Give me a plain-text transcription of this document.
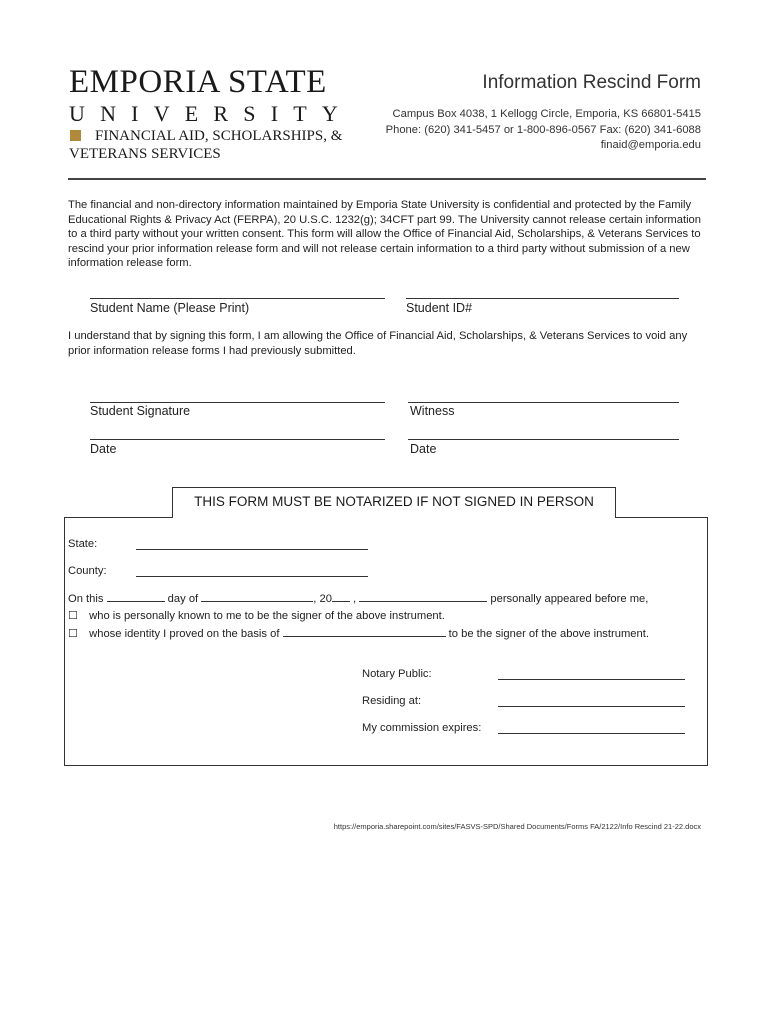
EMPORIA STATE
UNIVERSITY
FINANCIAL AID, SCHOLARSHIPS, &
VETERANS SERVICES
Information Rescind Form
Campus Box 4038, 1 Kellogg Circle, Emporia, KS 66801-5415
Phone: (620) 341-5457 or 1-800-896-0567 Fax: (620) 341-6088
finaid@emporia.edu
The financial and non-directory information maintained by Emporia State University is confidential and protected by the Family Educational Rights & Privacy Act (FERPA), 20 U.S.C. 1232(g); 34CFT part 99. The University cannot release certain information to a third party without your written consent. This form will allow the Office of Financial Aid, Scholarships, & Veterans Services to rescind your prior information release form and will not release certain information to a third party without submission of a new information release form.
Student Name (Please Print)	Student ID#
I understand that by signing this form, I am allowing the Office of Financial Aid, Scholarships, & Veterans Services to void any prior information release forms I had previously submitted.
Student Signature	Witness
Date	Date
THIS FORM MUST BE NOTARIZED IF NOT SIGNED IN PERSON
State:
County:
On this	day of	, 20 ,	personally appeared before me,
☐ who is personally known to me to be the signer of the above instrument.
☐ whose identity I proved on the basis of	to be the signer of the above instrument.
Notary Public:
Residing at:
My commission expires:
https://emporia.sharepoint.com/sites/FASVS-SPD/Shared Documents/Forms FA/2122/Info Rescind 21-22.docx
